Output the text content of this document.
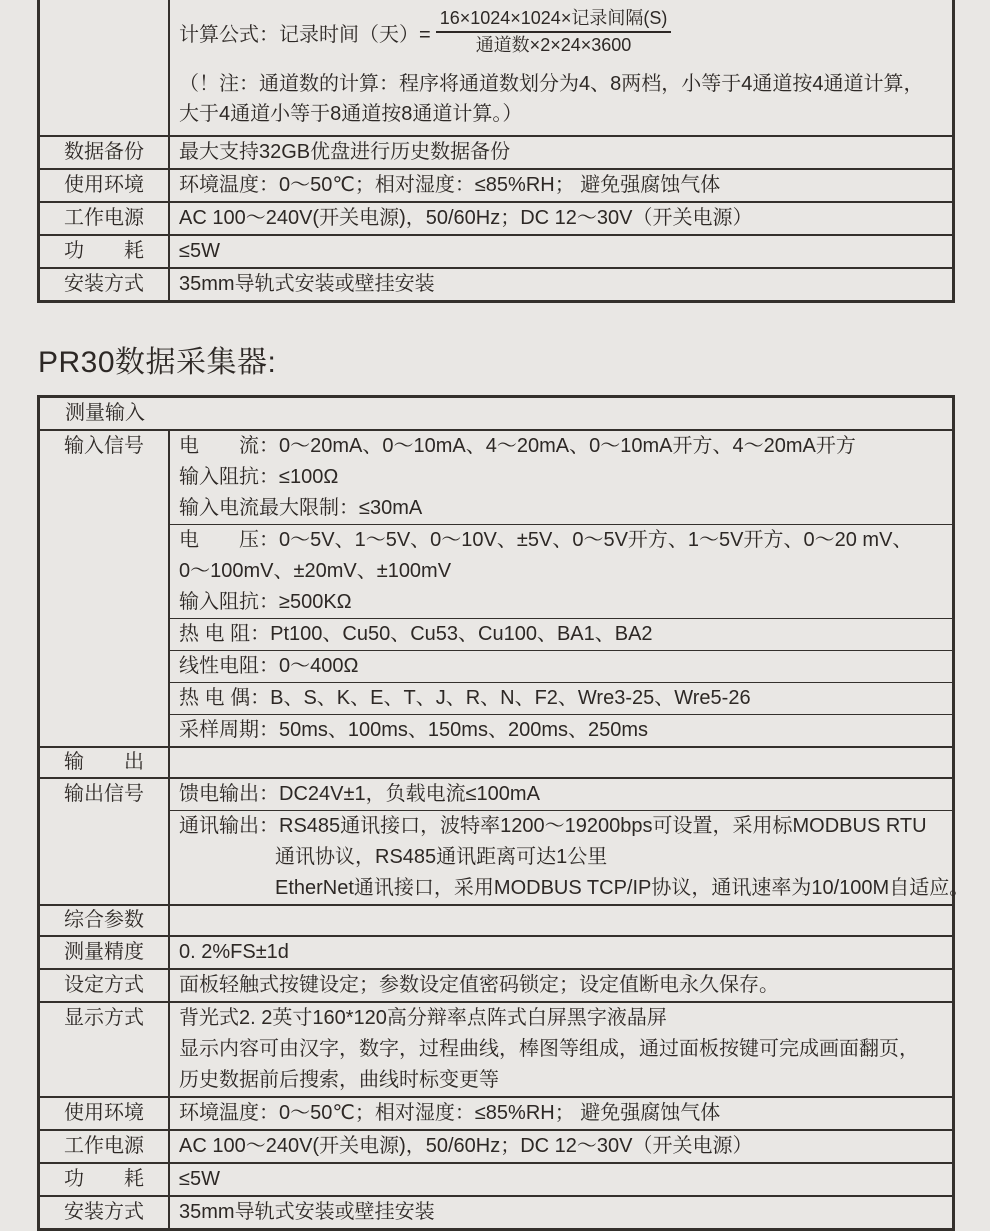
计算公式：记录时间（天）= $\frac{\text{16×1024×1024×记录间隔(S)}}{\text{通道数×2×24×3600}}$
（！注：通道数的计算：程序将通道数划分为4、8两档，小等于4通道按4通道计算，
大于4通道小等于8通道按8通道计算。）
数据备份	最大支持32GB优盘进行历史数据备份
使用环境	环境温度：0～50℃；相对湿度：≤85%RH； 避免强腐蚀气体
工作电源	AC 100～240V(开关电源)，50/60Hz；DC 12～30V（开关电源）
功　　耗	≤5W
安装方式	35mm导轨式安装或壁挂安装
PR30数据采集器:
测量输入
输入信号	电　　流：0～20mA、0～10mA、4～20mA、0～10mA开方、4～20mA开方
输入阻抗：≤100Ω
输入电流最大限制：≤30mA
电　　压：0～5V、1～5V、0～10V、±5V、0～5V开方、1～5V开方、0～20 mV、
0～100mV、±20mV、±100mV
输入阻抗：≥500KΩ
热 电 阻：Pt100、Cu50、Cu53、Cu100、BA1、BA2
线性电阻：0～400Ω
热 电 偶：B、S、K、E、T、J、R、N、F2、Wre3-25、Wre5-26
采样周期：50ms、100ms、150ms、200ms、250ms
输　　出
输出信号	馈电输出：DC24V±1，负载电流≤100mA
通讯输出：RS485通讯接口，波特率1200～19200bps可设置，采用标MODBUS RTU
通讯协议，RS485通讯距离可达1公里
EtherNet通讯接口，采用MODBUS TCP/IP协议，通讯速率为10/100M自适应。
综合参数
测量精度	0. 2%FS±1d
设定方式	面板轻触式按键设定；参数设定值密码锁定；设定值断电永久保存。
显示方式	背光式2. 2英寸160*120高分辩率点阵式白屏黑字液晶屏
显示内容可由汉字，数字，过程曲线，棒图等组成，通过面板按键可完成画面翻页，
历史数据前后搜索，曲线时标变更等
使用环境	环境温度：0～50℃；相对湿度：≤85%RH； 避免强腐蚀气体
工作电源	AC 100～240V(开关电源)，50/60Hz；DC 12～30V（开关电源）
功　　耗	≤5W
安装方式	35mm导轨式安装或壁挂安装
